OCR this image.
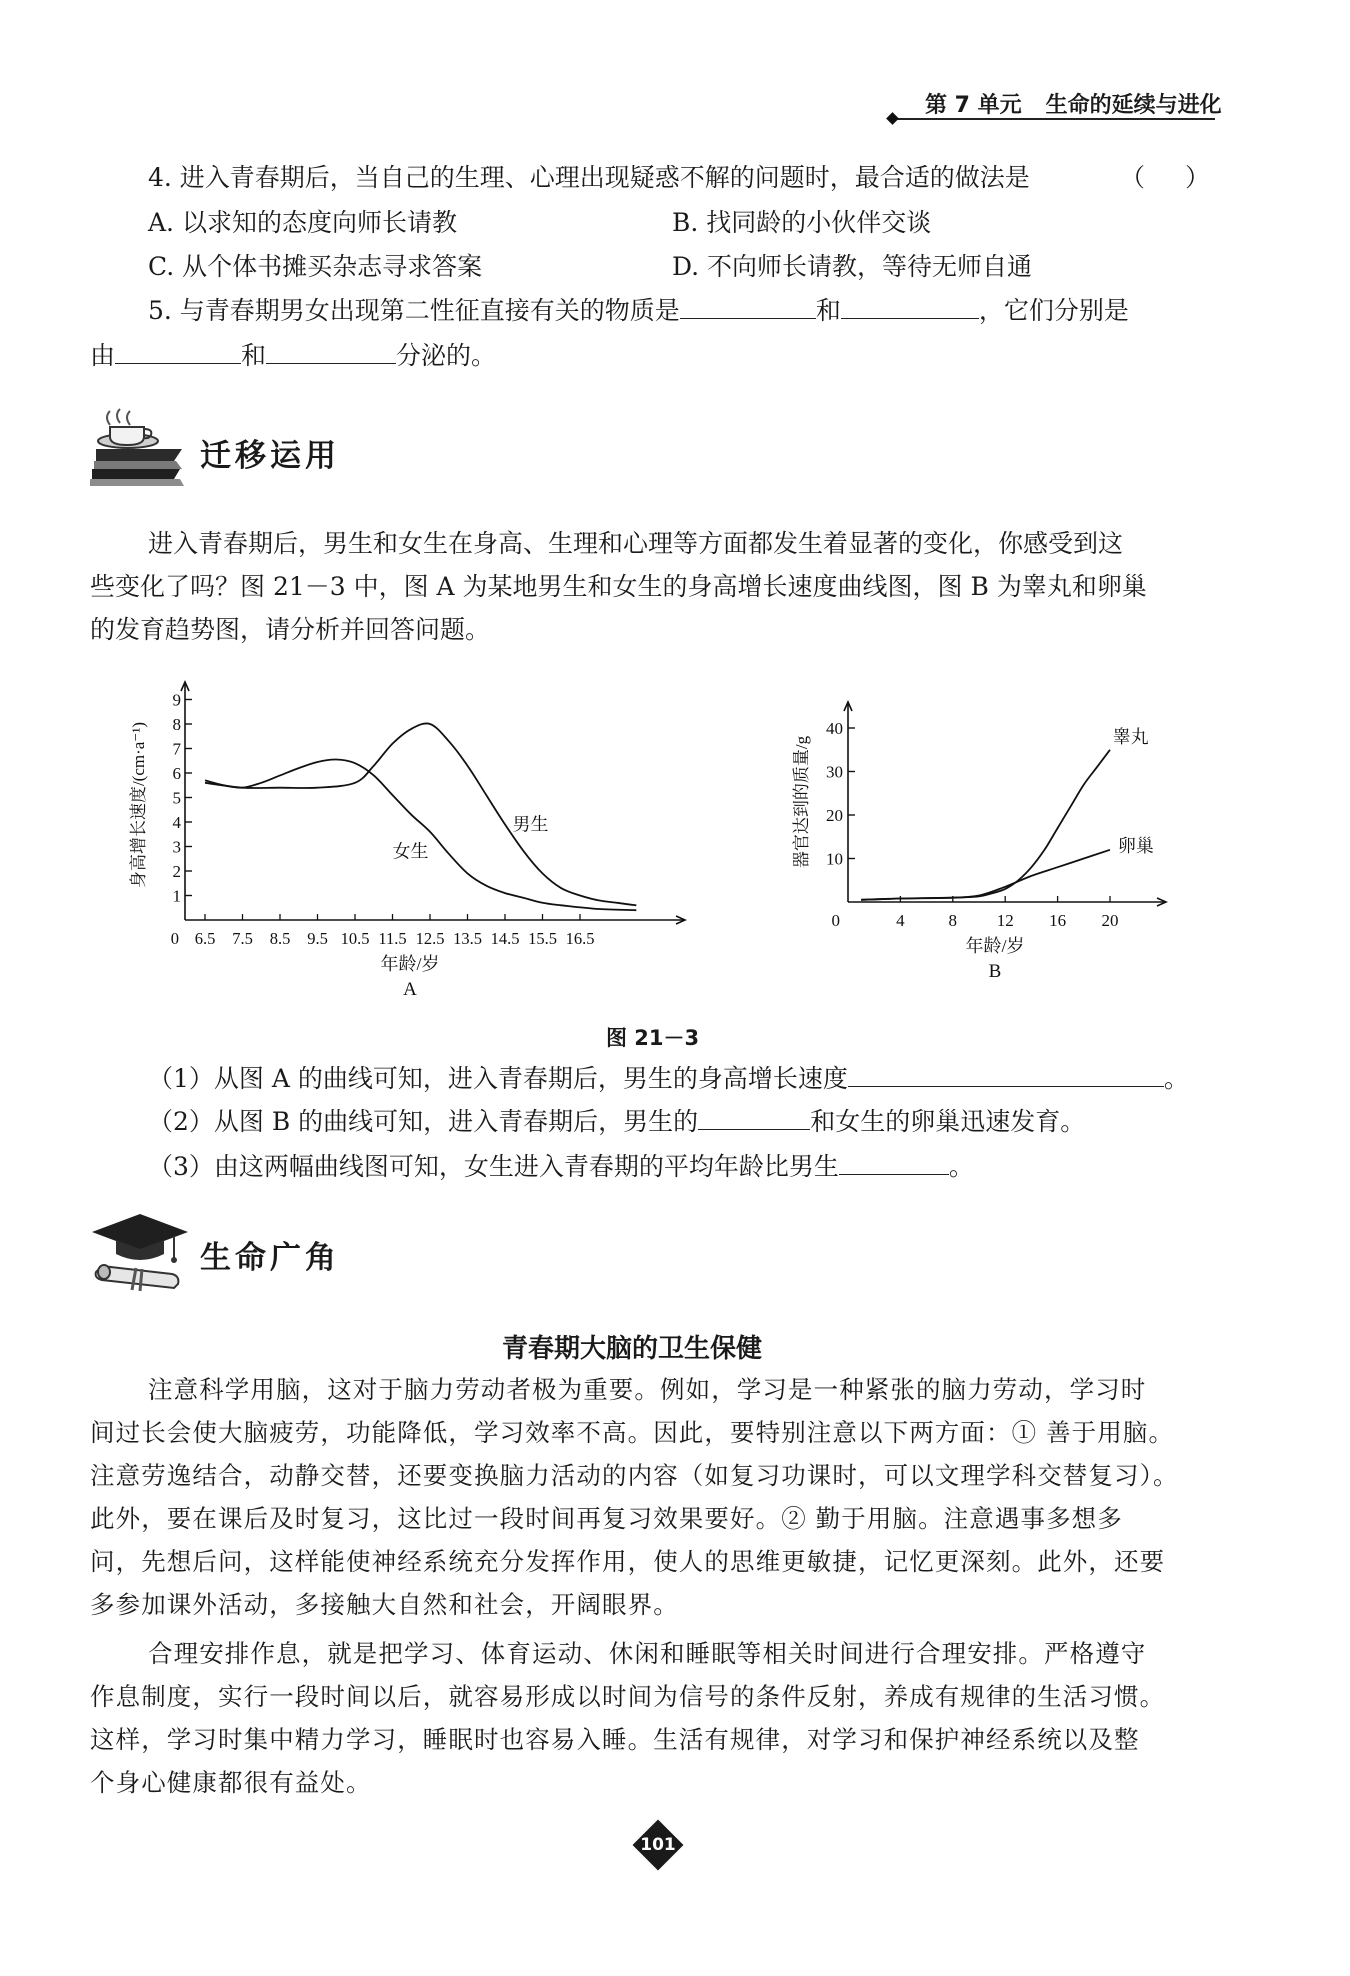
第 7 单元 生命的延续与进化
4. 进入青春期后，当自己的生理、心理出现疑惑不解的问题时，最合适的做法是	（ ）
A. 以求知的态度向师长请教	B. 找同龄的小伙伴交谈
C. 从个体书摊买杂志寻求答案	D. 不向师长请教，等待无师自通
5. 与青春期男女出现第二性征直接有关的物质是	和	，它们分别是
由	和	分泌的。
迁移运用
进入青春期后，男生和女生在身高、生理和心理等方面都发生着显著的变化，你感受到这
些变化了吗？图 21－3 中，图 A 为某地男生和女生的身高增长速度曲线图，图 B 为睾丸和卵巢
的发育趋势图，请分析并回答问题。
1
2
3
4
5
6
7
8
9
0 6.5 7.5 8.5 9.5 10.5 11.5 12.5 13.5 14.5 15.5 16.5
身高增长速度/(cm·a⁻¹)
年龄/岁
A
男生
女生	10
20
30
40
0	4	8 12 16 20
器官达到的质量/g
年龄/岁
B
睾丸
卵巢
图 21－3
（1）从图 A 的曲线可知，进入青春期后，男生的身高增长速度	。
（2）从图 B 的曲线可知，进入青春期后，男生的	和女生的卵巢迅速发育。
（3）由这两幅曲线图可知，女生进入青春期的平均年龄比男生	。
生命广角
青春期大脑的卫生保健
注意科学用脑，这对于脑力劳动者极为重要。例如，学习是一种紧张的脑力劳动，学习时
间过长会使大脑疲劳，功能降低，学习效率不高。因此，要特别注意以下两方面：① 善于用脑。
注意劳逸结合，动静交替，还要变换脑力活动的内容（如复习功课时，可以文理学科交替复习）。
此外，要在课后及时复习，这比过一段时间再复习效果要好。② 勤于用脑。注意遇事多想多
问，先想后问，这样能使神经系统充分发挥作用，使人的思维更敏捷，记忆更深刻。此外，还要
多参加课外活动，多接触大自然和社会，开阔眼界。
合理安排作息，就是把学习、体育运动、休闲和睡眠等相关时间进行合理安排。严格遵守
作息制度，实行一段时间以后，就容易形成以时间为信号的条件反射，养成有规律的生活习惯。
这样，学习时集中精力学习，睡眠时也容易入睡。生活有规律，对学习和保护神经系统以及整
个身心健康都很有益处。
101
